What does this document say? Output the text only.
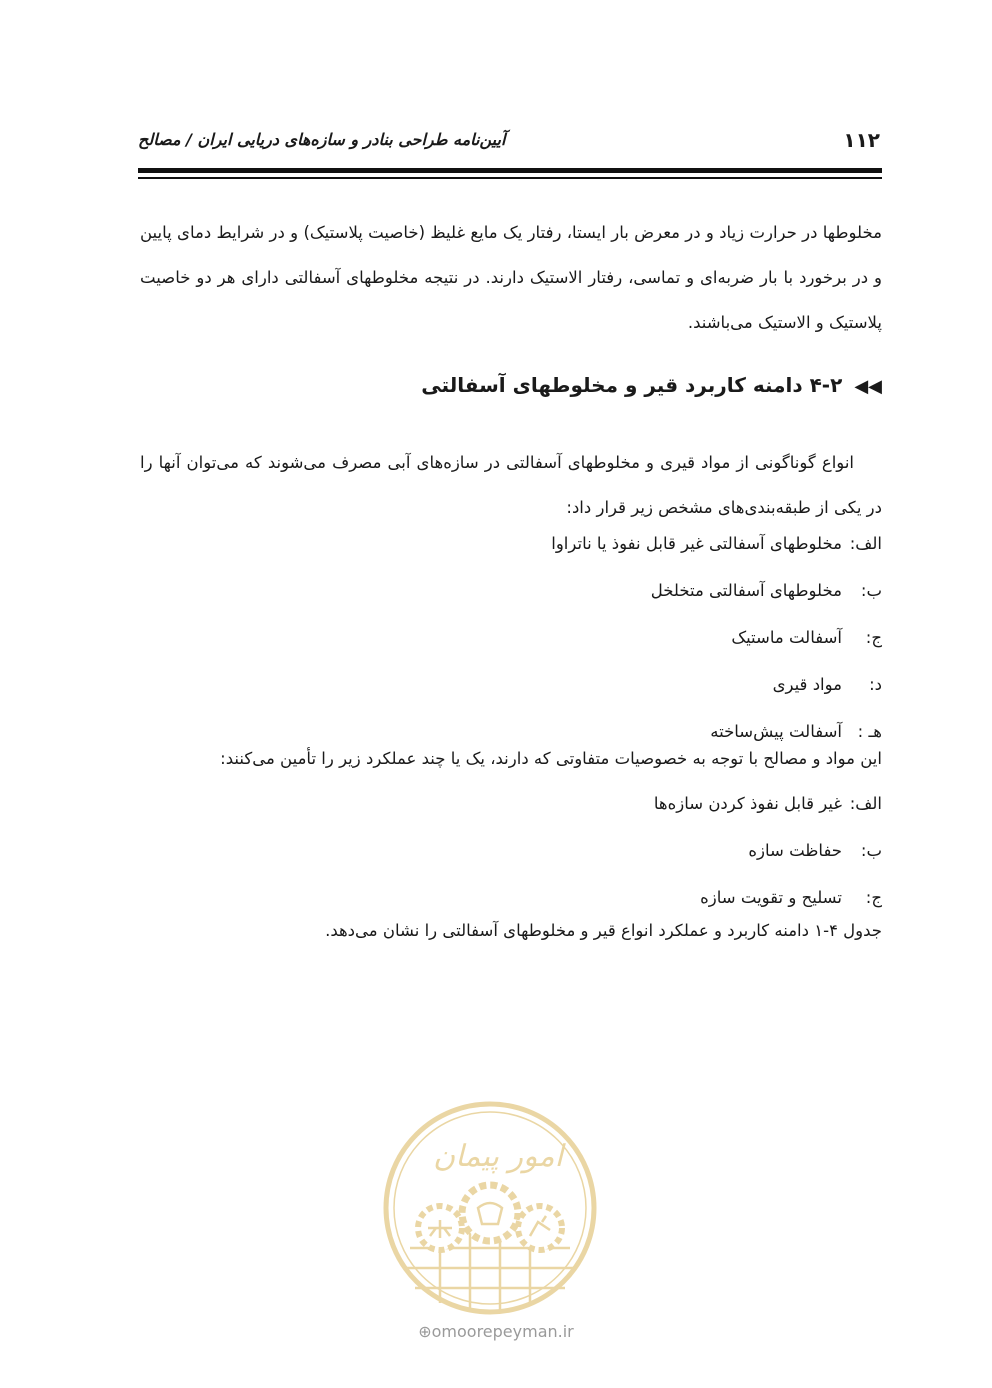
۱۱۲
آیین‌نامه طراحی بنادر و سازه‌های دریایی ایران / مصالح
مخلوطها در حرارت زیاد و در معرض بار ایستا، رفتار یک مایع غلیظ (خاصیت پلاستیک) و در شرایط دمای پایین و در برخورد با بار ضربه‌ای و تماسی، رفتار الاستیک دارند. در نتیجه مخلوطهای آسفالتی دارای هر دو خاصیت پلاستیک و الاستیک می‌باشند.
◀◀۴-۲ دامنه کاربرد قیر و مخلوطهای آسفالتی
انواع گوناگونی از مواد قیری و مخلوطهای آسفالتی در سازه‌های آبی مصرف می‌شوند که می‌توان آنها را در یکی از طبقه‌بندی‌های مشخص زیر قرار داد:
الف:مخلوطهای آسفالتی غیر قابل نفوذ یا ناتراوا
ب:مخلوطهای آسفالتی متخلخل
ج:آسفالت ماستیک
د:مواد قیری
هـ :آسفالت پیش‌ساخته
این مواد و مصالح با توجه به خصوصیات متفاوتی که دارند، یک یا چند عملکرد زیر را تأمین می‌کنند:
الف:غیر قابل نفوذ کردن سازه‌ها
ب:حفاظت سازه
ج:تسلیح و تقویت سازه
جدول ۴-۱ دامنه کاربرد و عملکرد انواع قیر و مخلوطهای آسفالتی را نشان می‌دهد.
امور پیمان
⊕omoorepeyman.ir
